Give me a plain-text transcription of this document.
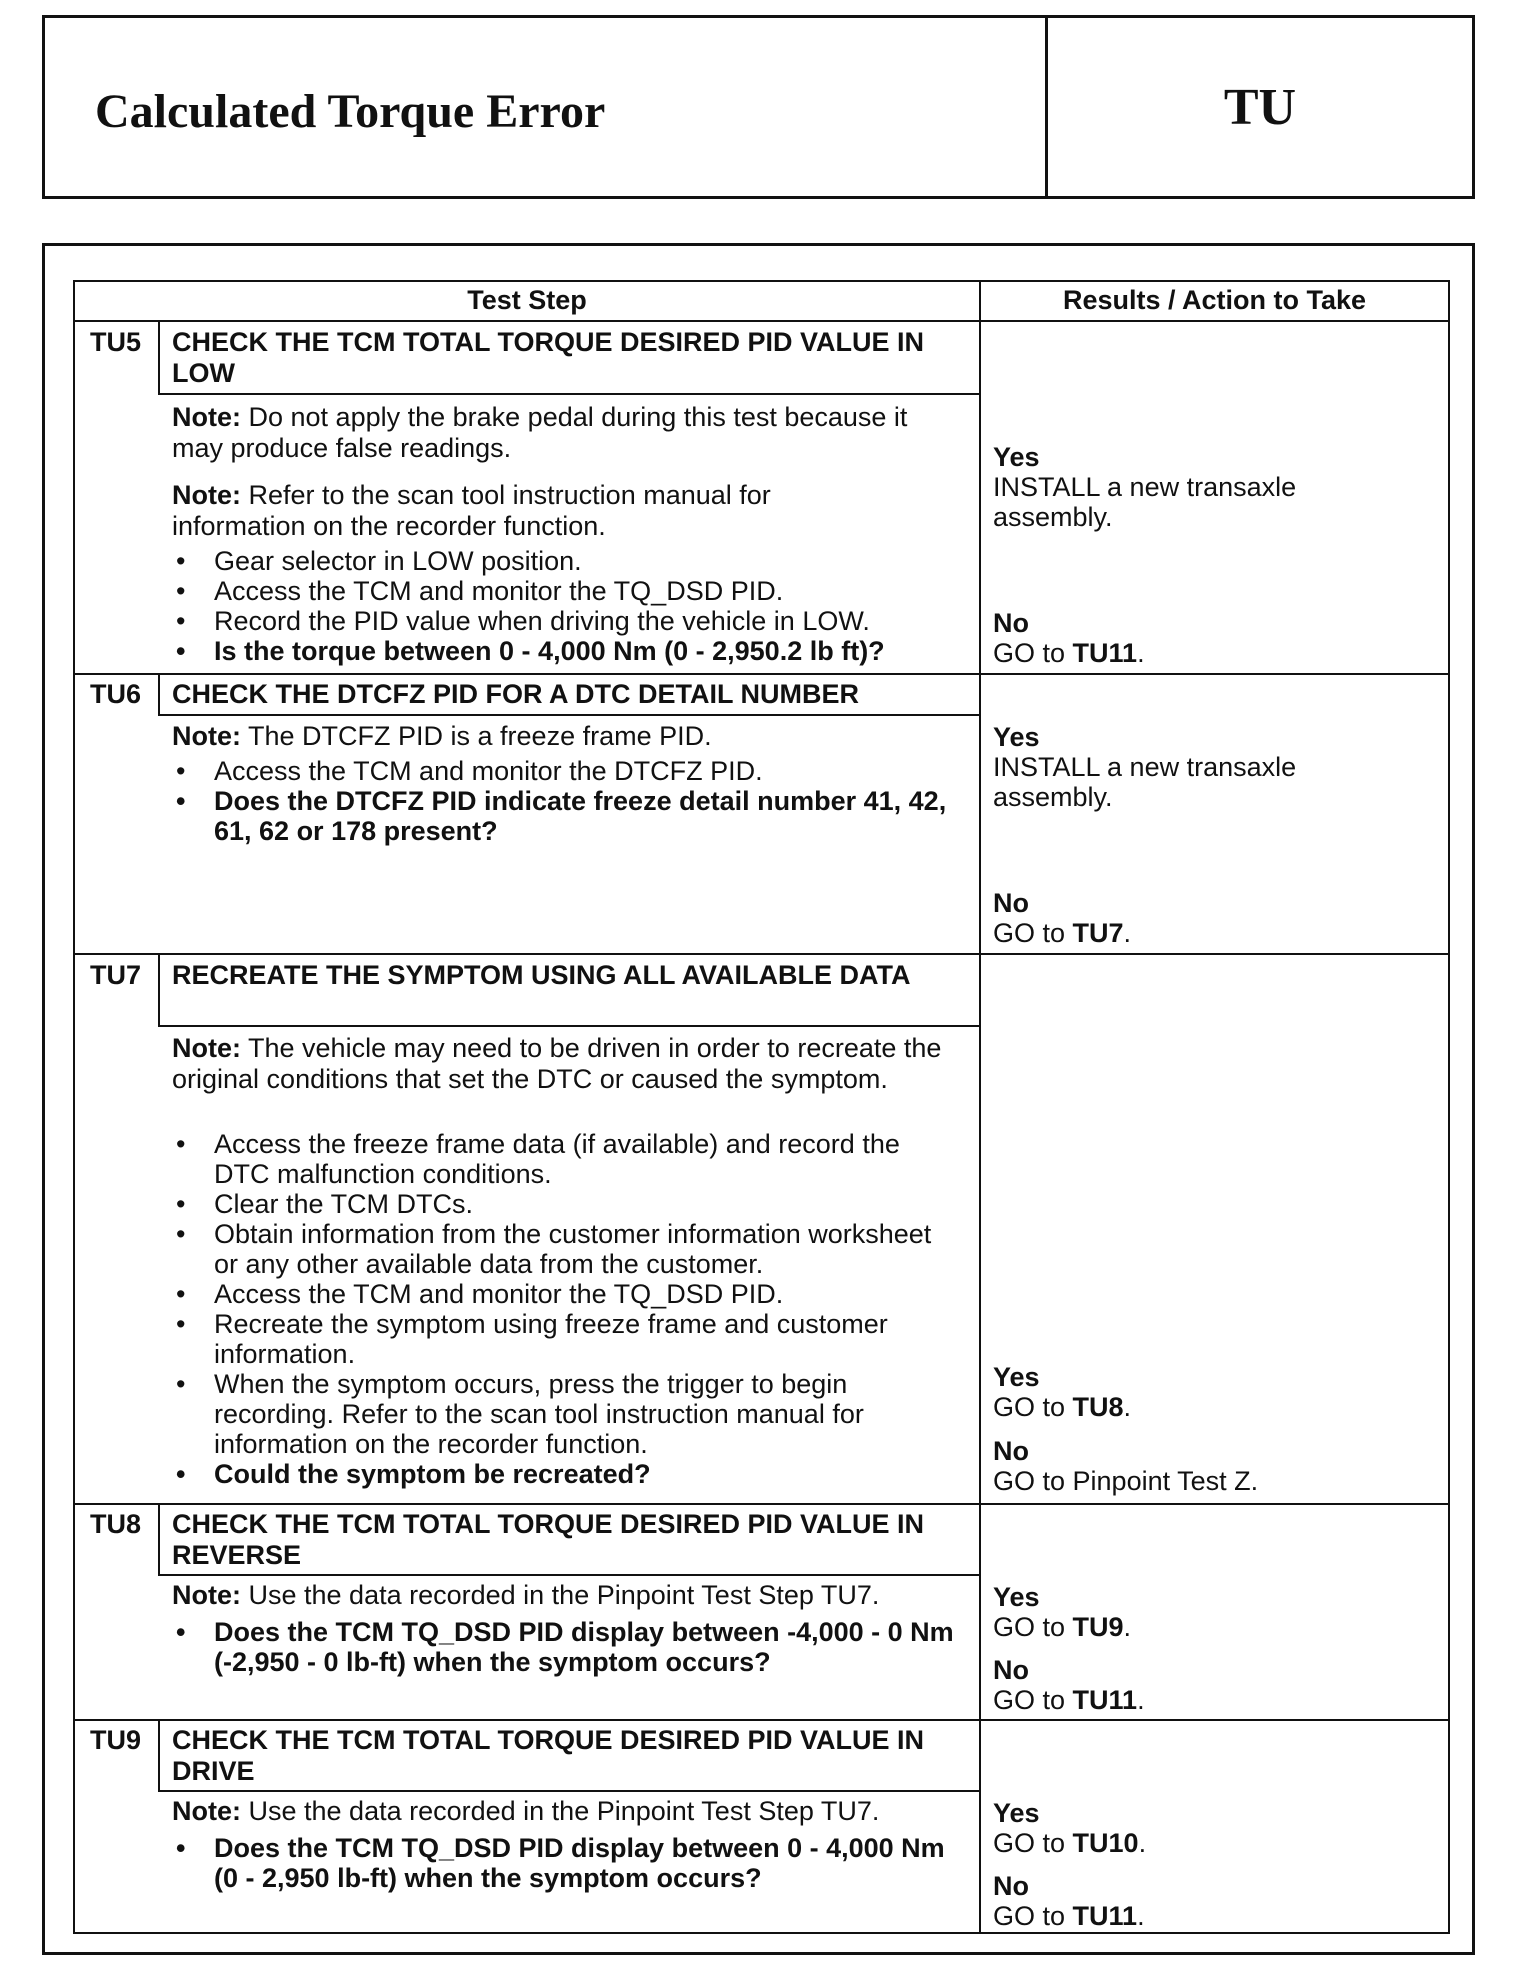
Calculated Torque Error	TU
Test Step	Results / Action to Take
TU5 CHECK THE TCM TOTAL TORQUE DESIRED PID VALUE IN LOW
Note: Do not apply the brake pedal during this test because it may produce false readings.
Note: Refer to the scan tool instruction manual for information on the recorder function.
• Gear selector in LOW position.
• Access the TCM and monitor the TQ_DSD PID.
• Record the PID value when driving the vehicle in LOW.
• Is the torque between 0 - 4,000 Nm (0 - 2,950.2 lb ft)?
Yes
INSTALL a new transaxle assembly.
No
GO to TU11.
TU6 CHECK THE DTCFZ PID FOR A DTC DETAIL NUMBER
Note: The DTCFZ PID is a freeze frame PID.
• Access the TCM and monitor the DTCFZ PID.
• Does the DTCFZ PID indicate freeze detail number 41, 42, 61, 62 or 178 present?
Yes
INSTALL a new transaxle assembly.
No
GO to TU7.
TU7 RECREATE THE SYMPTOM USING ALL AVAILABLE DATA
Note: The vehicle may need to be driven in order to recreate the original conditions that set the DTC or caused the symptom.
• Access the freeze frame data (if available) and record the DTC malfunction conditions.
• Clear the TCM DTCs.
• Obtain information from the customer information worksheet or any other available data from the customer.
• Access the TCM and monitor the TQ_DSD PID.
• Recreate the symptom using freeze frame and customer information.
• When the symptom occurs, press the trigger to begin recording. Refer to the scan tool instruction manual for information on the recorder function.
• Could the symptom be recreated?
Yes
GO to TU8.
No
GO to Pinpoint Test Z.
TU8 CHECK THE TCM TOTAL TORQUE DESIRED PID VALUE IN REVERSE
Note: Use the data recorded in the Pinpoint Test Step TU7.
• Does the TCM TQ_DSD PID display between -4,000 - 0 Nm (-2,950 - 0 lb-ft) when the symptom occurs?
Yes
GO to TU9.
No
GO to TU11.
TU9 CHECK THE TCM TOTAL TORQUE DESIRED PID VALUE IN DRIVE
Note: Use the data recorded in the Pinpoint Test Step TU7.
• Does the TCM TQ_DSD PID display between 0 - 4,000 Nm (0 - 2,950 lb-ft) when the symptom occurs?
Yes
GO to TU10.
No
GO to TU11.
